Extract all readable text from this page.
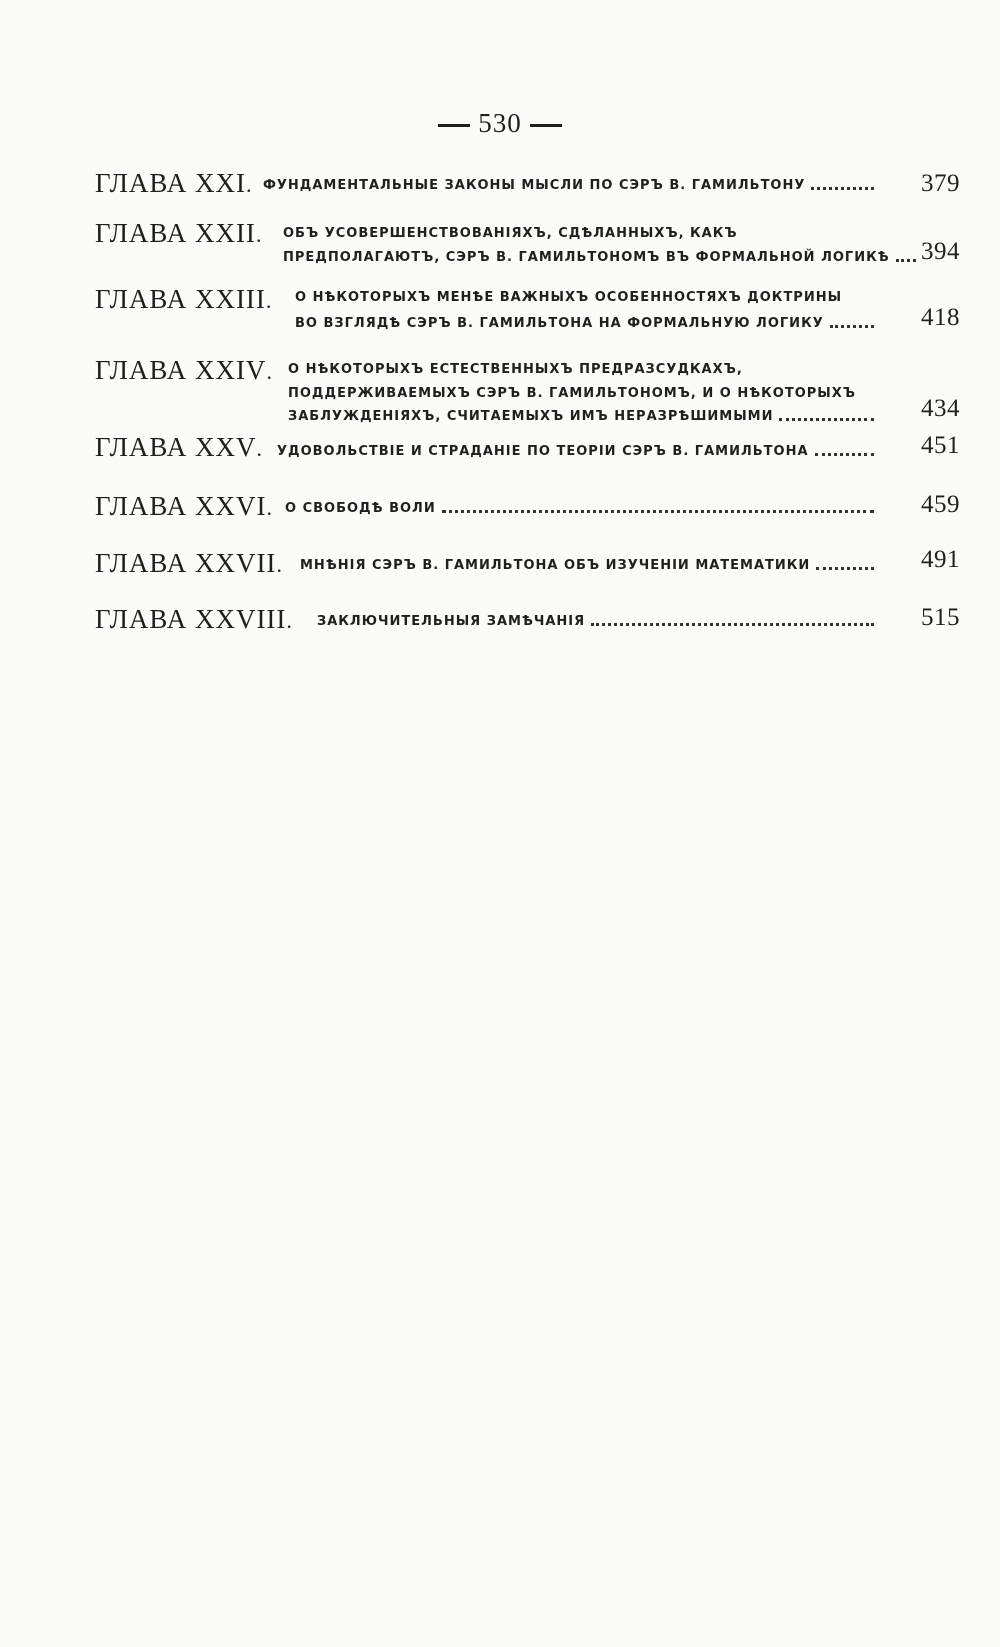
530
ГЛАВА XXI. ФУНДАМЕНТАЛЬНЫЕ ЗАКОНЫ МЫСЛИ ПО СЭРЪ В. ГАМИЛЬТОНУ	379
ГЛАВА XXII. ОБЪ УСОВЕРШЕНСТВОВАНІЯХЪ, СДѢЛАННЫХЪ, КАКЪ
ПРЕДПОЛАГАЮТЪ, СЭРЪ В. ГАМИЛЬТОНОМЪ ВЪ ФОРМАЛЬНОЙ ЛОГИКѢ 394
ГЛАВА XXIII. О НѢКОТОРЫХЪ МЕНѢЕ ВАЖНЫХЪ ОСОБЕННОСТЯХЪ ДОКТРИНЫ
ВО ВЗГЛЯДѢ СЭРЪ В. ГАМИЛЬТОНА НА ФОРМАЛЬНУЮ ЛОГИКУ	418
ГЛАВА XXIV. О НѢКОТОРЫХЪ ЕСТЕСТВЕННЫХЪ ПРЕДРАЗСУДКАХЪ,
ПОДДЕРЖИВАЕМЫХЪ СЭРЪ В. ГАМИЛЬТОНОМЪ, И О НѢКОТОРЫХЪ
ЗАБЛУЖДЕНІЯХЪ, СЧИТАЕМЫХЪ ИМЪ НЕРАЗРѢШИМЫМИ	434
ГЛАВА XXV. УДОВОЛЬСТВІЕ И СТРАДАНІЕ ПО ТЕОРІИ СЭРЪ В. ГАМИЛЬТОНА	451
ГЛАВА XXVI. О СВОБОДѢ ВОЛИ	459
ГЛАВА XXVII. МНѢНІЯ СЭРЪ В. ГАМИЛЬТОНА ОБЪ ИЗУЧЕНІИ МАТЕМАТИКИ	491
ГЛАВА XXVIII. ЗАКЛЮЧИТЕЛЬНЫЯ ЗАМѢЧАНІЯ	515
